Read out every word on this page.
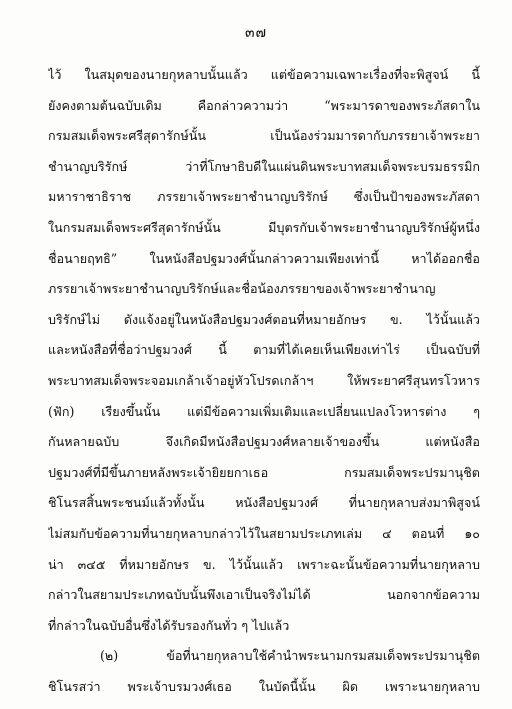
๓๗
ไว้ ในสมุดของนายกุหลาบนั้นแล้ว แต่ข้อความเฉพาะเรื่องที่จะพิสูจน์ นี้
ยังคงตามต้นฉบับเดิม คือกล่าวความว่า “พระมารดาของพระภัสดาใน
กรมสมเด็จพระศรีสุดารักษ์นั้น เป็นน้องร่วมมารดากับภรรยาเจ้าพระยา
ชำนาญบริรักษ์ ว่าที่โกษาธิบดีในแผ่นดินพระบาทสมเด็จพระบรมธรรมิก
มหาราชาธิราช ภรรยาเจ้าพระยาชำนาญบริรักษ์ ซึ่งเป็นป้าของพระภัสดา
ในกรมสมเด็จพระศรีสุดารักษ์นั้น มีบุตรกับเจ้าพระยาชำนาญบริรักษ์ผู้หนึ่ง
ชื่อนายฤทธิ” ในหนังสือปฐมวงศ์นั้นกล่าวความเพียงเท่านี้ หาได้ออกชื่อ
ภรรยาเจ้าพระยาชำนาญบริรักษ์และชื่อน้องภรรยาของเจ้าพระยาชำนาญ
บริรักษ์ไม่ ดังแจ้งอยู่ในหนังสือปฐมวงศ์ตอนที่หมายอักษร ข. ไว้นั้นแล้ว
และหนังสือที่ชื่อว่าปฐมวงศ์ นี้ ตามที่ได้เคยเห็นเพียงเท่าไร่ เป็นฉบับที่
พระบาทสมเด็จพระจอมเกล้าเจ้าอยู่หัวโปรดเกล้าฯ ให้พระยาศรีสุนทรโวหาร
(ฟัก) เรียงขึ้นนั้น แต่มีข้อความเพิ่มเติมและเปลี่ยนแปลงโวหารต่าง ๆ
กันหลายฉบับ จึงเกิดมีหนังสือปฐมวงศ์หลายเจ้าของขึ้น แต่หนังสือ
ปฐมวงศ์ที่มีขึ้นภายหลังพระเจ้ายิยยกาเธอ กรมสมเด็จพระปรมานุชิต
ชิโนรสสิ้นพระชนม์แล้วทั้งนั้น หนังสือปฐมวงศ์ ที่นายกุหลาบส่งมาพิสูจน์
ไม่สมกับข้อความที่นายกุหลาบกล่าวไว้ในสยามประเภทเล่ม ๔ ตอนที่ ๑๐
น่า ๓๔๕ ที่หมายอักษร ข. ไว้นั้นแล้ว เพราะฉะนั้นข้อความที่นายกุหลาบ
กล่าวในสยามประเภทฉบับนั้นพึงเอาเป็นจริงไม่ได้ นอกจากข้อความ
ที่กล่าวในฉบับอื่นซึ่งได้รับรองกันทั่ว ๆ ไปแล้ว
(๒) ข้อที่นายกุหลาบใช้คำนำพระนามกรมสมเด็จพระปรมานุชิต
ชิโนรสว่า พระเจ้าบรมวงศ์เธอ ในบัดนี้นั้น ผิด เพราะนายกุหลาบ
